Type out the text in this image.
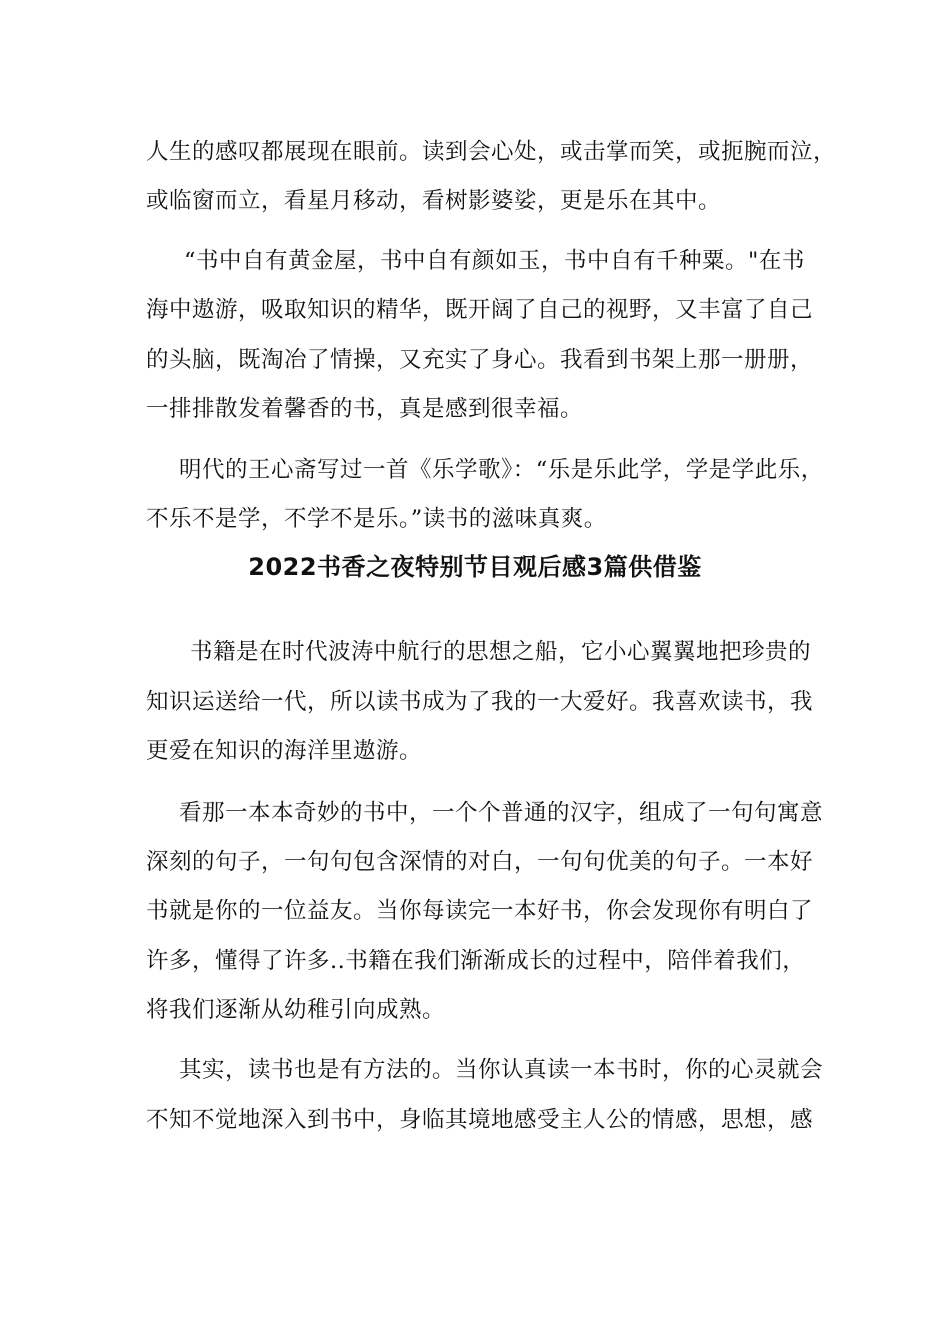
人生的感叹都展现在眼前。读到会心处，或击掌而笑，或扼腕而泣，
或临窗而立，看星月移动，看树影婆娑，更是乐在其中。
“书中自有黄金屋，书中自有颜如玉，书中自有千种粟。"在书
海中遨游，吸取知识的精华，既开阔了自己的视野，又丰富了自己
的头脑，既淘冶了情操，又充实了身心。我看到书架上那一册册，
一排排散发着馨香的书，真是感到很幸福。
明代的王心斋写过一首《乐学歌》：“乐是乐此学，学是学此乐，
不乐不是学，不学不是乐。”读书的滋味真爽。
2022书香之夜特别节目观后感3篇供借鉴
书籍是在时代波涛中航行的思想之船，它小心翼翼地把珍贵的
知识运送给一代，所以读书成为了我的一大爱好。我喜欢读书，我
更爱在知识的海洋里遨游。
看那一本本奇妙的书中，一个个普通的汉字，组成了一句句寓意
深刻的句子，一句句包含深情的对白，一句句优美的句子。一本好
书就是你的一位益友。当你每读完一本好书，你会发现你有明白了
许多，懂得了许多..书籍在我们渐渐成长的过程中，陪伴着我们，
将我们逐渐从幼稚引向成熟。
其实，读书也是有方法的。当你认真读一本书时，你的心灵就会
不知不觉地深入到书中，身临其境地感受主人公的情感，思想，感
